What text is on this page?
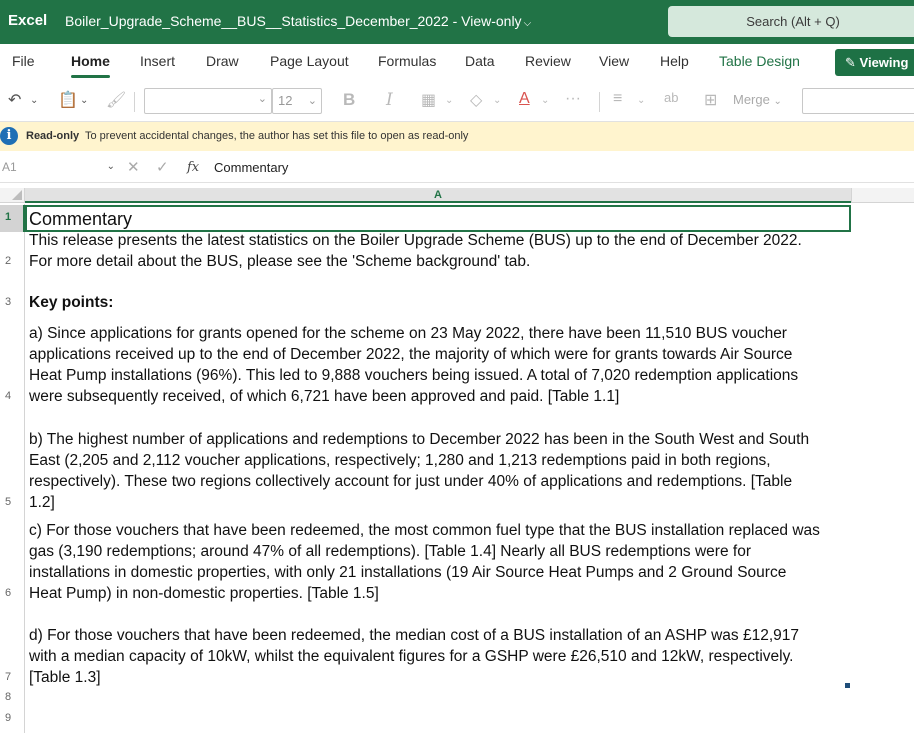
Excel Boiler_Upgrade_Scheme__BUS__Statistics_December_2022 - View-only ⌵	Search (Alt + Q)
File	Home Insert Draw Page Layout Formulas Data Review View Help Table Design	✎ Viewing
↶ ⌄ 📋 ⌄ 🖌	⌄ 12 ⌄ B I ▦ ⌄ ◇ ⌄ A ⌄ ··· ≡ ⌄ ab ⊞ Merge ⌄
i	Read-only To prevent accidental changes, the author has set this file to open as read-only
A1	⌄ ✕ ✓ fx Commentary
A
1
2
3
4
5
6
7
8
9
Commentary
This release presents the latest statistics on the Boiler Upgrade Scheme (BUS) up to the end of December 2022.
For more detail about the BUS, please see the 'Scheme background' tab.
Key points:
a) Since applications for grants opened for the scheme on 23 May 2022, there have been 11,510 BUS voucher
applications received up to the end of December 2022, the majority of which were for grants towards Air Source
Heat Pump installations (96%). This led to 9,888 vouchers being issued. A total of 7,020 redemption applications
were subsequently received, of which 6,721 have been approved and paid. [Table 1.1]
b) The highest number of applications and redemptions to December 2022 has been in the South West and South
East (2,205 and 2,112 voucher applications, respectively; 1,280 and 1,213 redemptions paid in both regions,
respectively). These two regions collectively account for just under 40% of applications and redemptions. [Table
1.2]
c) For those vouchers that have been redeemed, the most common fuel type that the BUS installation replaced was
gas (3,190 redemptions; around 47% of all redemptions). [Table 1.4] Nearly all BUS redemptions were for
installations in domestic properties, with only 21 installations (19 Air Source Heat Pumps and 2 Ground Source
Heat Pump) in non-domestic properties. [Table 1.5]
d) For those vouchers that have been redeemed, the median cost of a BUS installation of an ASHP was £12,917
with a median capacity of 10kW, whilst the equivalent figures for a GSHP were £26,510 and 12kW, respectively.
[Table 1.3]
